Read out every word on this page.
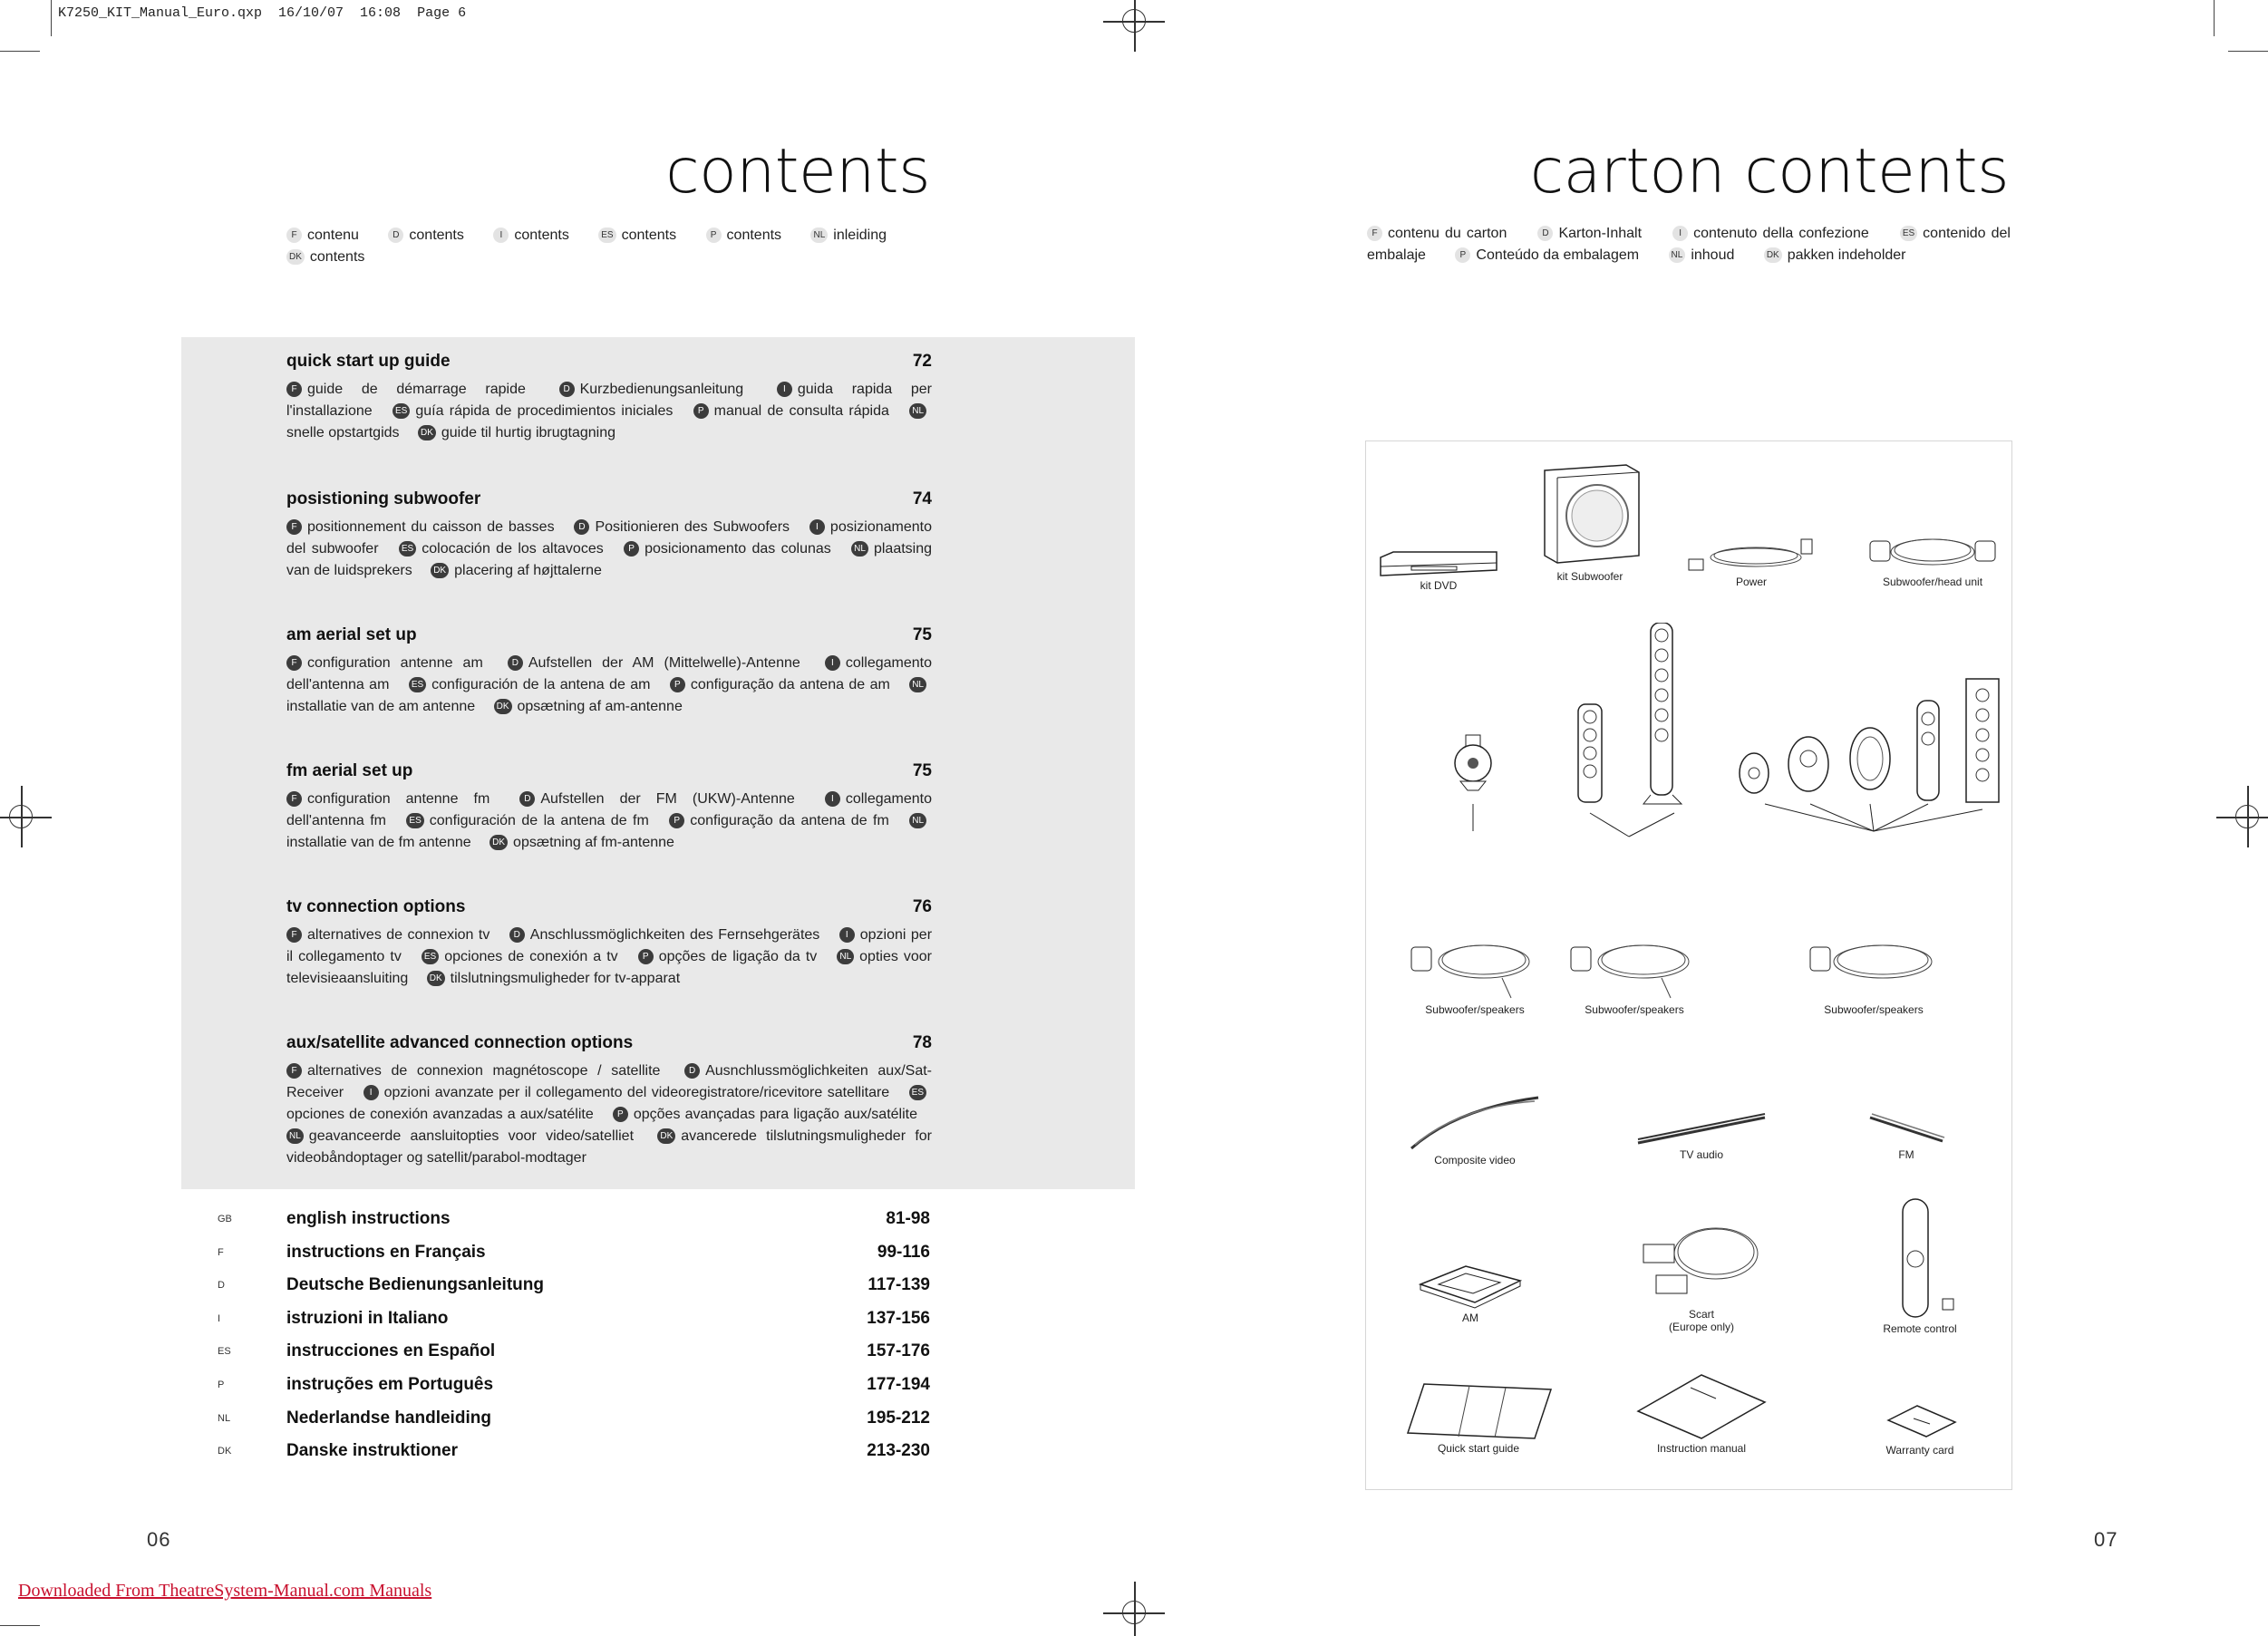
K7250_KIT_Manual_Euro.qxp  16/10/07  16:08  Page 6
contents
F contenu	D contents	I contents	ES contents	P contents	NL inleiding
DK contents
quick start up guide	72
F guide de démarrage rapide 	D Kurzbedienungsanleitung 	I guida rapida per l'installazione 	ES guía rápida de procedimientos iniciales 	P manual de consulta rápida 	NLsnelle opstartgids  DK guide til hurtig ibrugtagning
posistioning subwoofer	74
F positionnement du caisson de basses 	D Positionieren des Subwoofers 	I posizionamento del subwoofer 	ES colocación de los altavoces 	P posicionamento das colunas 	NL plaatsing van de luidsprekers  DK placering af højttalerne
am aerial set up	75
F configuration antenne am 	D Aufstellen der AM (Mittelwelle)-Antenne 	I collegamento dell'antenna am  ES configuración de la antena de am 	P configuração da antena de am  NLinstallatie van de am antenne  DK opsætning af am-antenne
fm aerial set up	75
F configuration antenne fm 	D Aufstellen der FM (UKW)-Antenne 	I collegamento dell'antenna fm 	ES configuración de la antena de fm 	P configuração da antena de fm 	NLinstallatie van de fm antenne  DK opsætning af fm-antenne
tv connection options	76
F alternatives de connexion tv 	D Anschlussmöglichkeiten des Fernsehgerätes 	I opzioni per il collegamento tv 	ES opciones de conexión a tv 	P opções de ligação da tv 	NL opties voor televisieaansluiting  DK tilslutningsmuligheder for tv-apparat
aux/satellite advanced connection options	78
F alternatives de connexion magnétoscope / satellite 	D Ausnchlussmöglichkeiten aux/Sat-Receiver 	I opzioni avanzate per il collegamento del videoregistratore/ricevitore satellitare  ESopciones de conexión avanzadas a aux/satélite 	P opções avançadas para ligação aux/satélite  NL geavanceerde aansluitopties voor video/satelliet 	DK avancerede tilslutningsmuligheder for videobåndoptager og satellit/parabol-modtager
GB	english instructions	81-98
F	instructions en Français	99-116
D	Deutsche Bedienungsanleitung	117-139
I	istruzioni in Italiano	137-156
ES	instrucciones en Español	157-176
P	instruções em Português	177-194
NL	Nederlandse handleiding	195-212
DK	Danske instruktioner	213-230
06
carton contents
F contenu du carton	D Karton-Inhalt	I contenuto della confezione	ES contenido del embalaje	P Conteúdo da embalagem	NL inhoud	DK pakken indeholder
kit DVD
kit Subwoofer	Power	Subwoofer/head unit
Subwoofer/speakers	Subwoofer/speakers	Subwoofer/speakers
Composite video	TV audio	FM
AM	Scart
(Europe only)	Remote control
Quick start guide	Instruction manual	Warranty card
07
Downloaded From TheatreSystem-Manual.com Manuals
